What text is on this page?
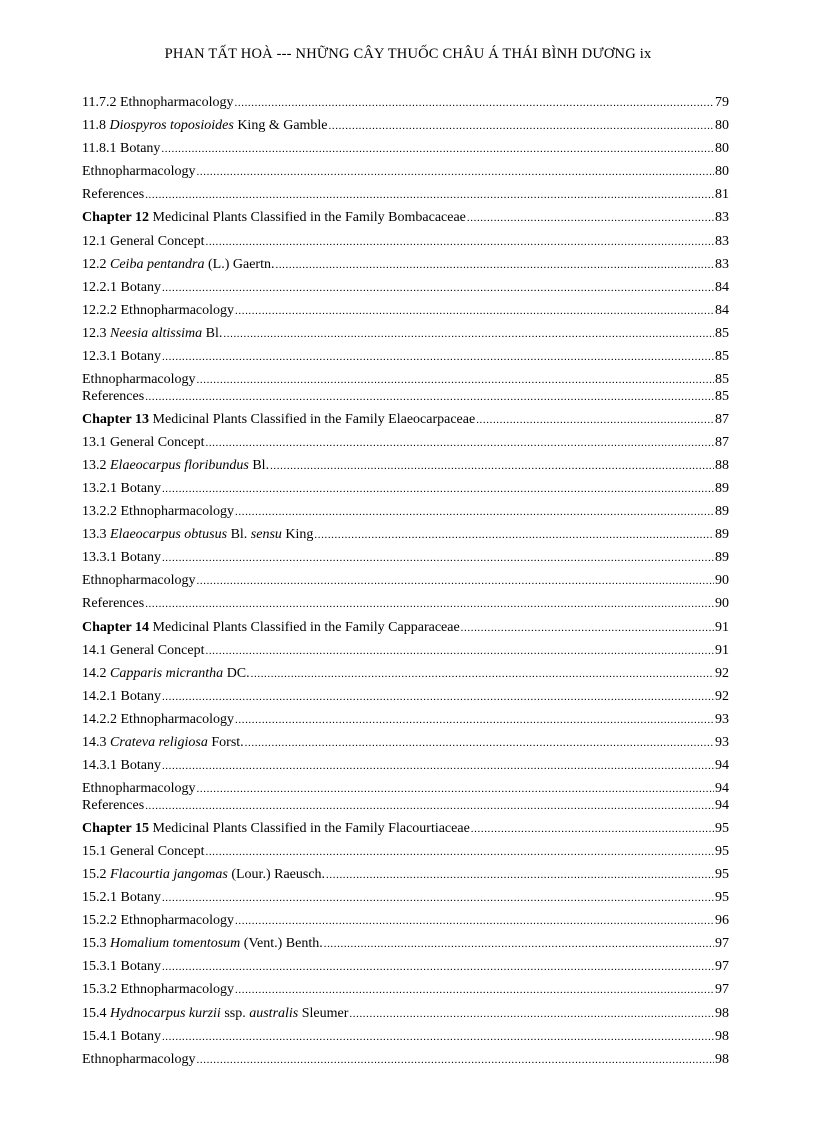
PHAN TẤT HOÀ --- NHỮNG CÂY THUỐC CHÂU Á THÁI BÌNH DƯƠNG ix
11.7.2 Ethnopharmacology .....	79
11.8 Diospyros toposioides King & Gamble .....	80
11.8.1 Botany .....	80
Ethnopharmacology .....	80
References .....	81
Chapter 12 Medicinal Plants Classified in the Family Bombacaceae .....	83
12.1 General Concept .....	83
12.2 Ceiba pentandra (L.) Gaertn. .....	83
12.2.1 Botany .....	84
12.2.2 Ethnopharmacology .....	84
12.3 Neesia altissima Bl. .....	85
12.3.1 Botany .....	85
Ethnopharmacology .....	85
References .....	85
Chapter 13 Medicinal Plants Classified in the Family Elaeocarpaceae .....	87
13.1 General Concept .....	87
13.2 Elaeocarpus floribundus Bl. .....	88
13.2.1 Botany .....	89
13.2.2 Ethnopharmacology .....	89
13.3 Elaeocarpus obtusus Bl. sensu King .....	89
13.3.1 Botany .....	89
Ethnopharmacology .....	90
References .....	90
Chapter 14 Medicinal Plants Classified in the Family Capparaceae .....	91
14.1 General Concept .....	91
14.2 Capparis micrantha DC. .....	92
14.2.1 Botany .....	92
14.2.2 Ethnopharmacology .....	93
14.3 Crateva religiosa Forst. .....	93
14.3.1 Botany .....	94
Ethnopharmacology .....	94
References .....	94
Chapter 15 Medicinal Plants Classified in the Family Flacourtiaceae .....	95
15.1 General Concept .....	95
15.2 Flacourtia jangomas (Lour.) Raeusch. .....	95
15.2.1 Botany .....	95
15.2.2 Ethnopharmacology .....	96
15.3 Homalium tomentosum (Vent.) Benth. .....	97
15.3.1 Botany .....	97
15.3.2 Ethnopharmacology .....	97
15.4 Hydnocarpus kurzii ssp. australis Sleumer .....	98
15.4.1 Botany .....	98
Ethnopharmacology .....	98
